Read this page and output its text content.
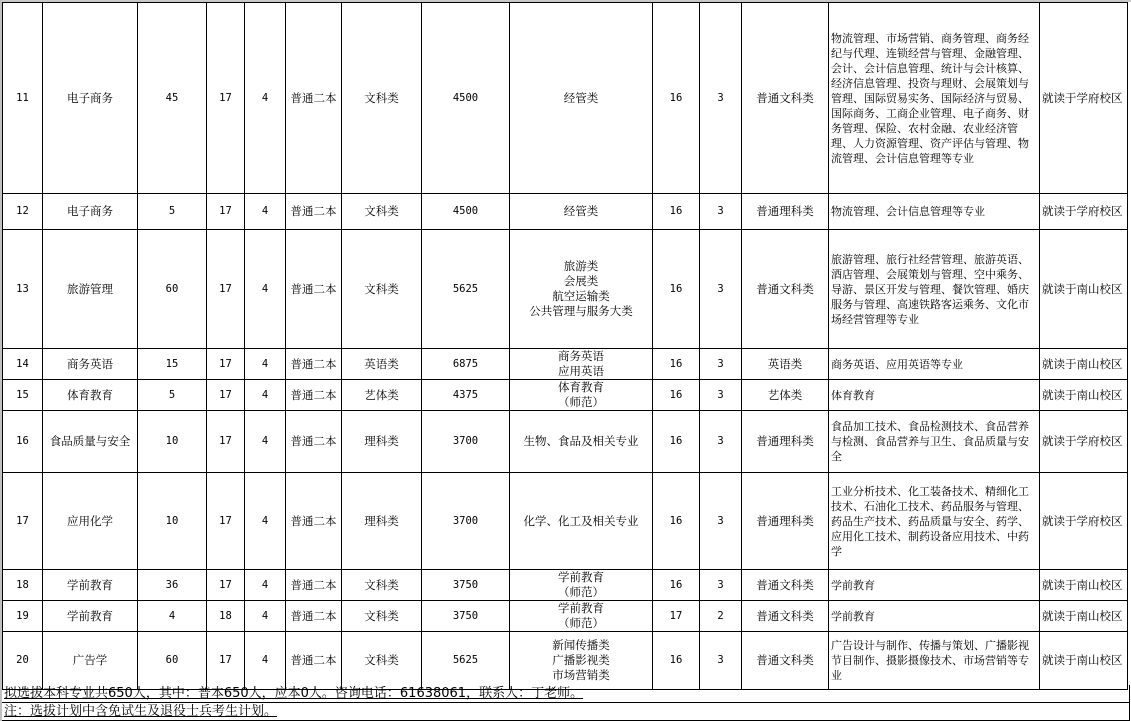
11	电子商务	45	17	4	普通二本	文科类	4500	经管类	16	3	普通文科类	物流管理、市场营销、商务管理、商务经纪与代理、连锁经营与管理、金融管理、会计、会计信息管理、统计与会计核算、经济信息管理、投资与理财、会展策划与管理、国际贸易实务、国际经济与贸易、国际商务、工商企业管理、电子商务、财务管理、保险、农村金融、农业经济管理、人力资源管理、资产评估与管理、物流管理、会计信息管理等专业	就读于学府校区
12	电子商务	5	17	4	普通二本	文科类	4500	经管类	16	3	普通理科类	物流管理、会计信息管理等专业	就读于学府校区
13	旅游管理	60	17	4	普通二本	文科类	5625	旅游类
会展类
航空运输类
公共管理与服务大类	16	3	普通文科类	旅游管理、旅行社经营管理、旅游英语、酒店管理、会展策划与管理、空中乘务、导游、景区开发与管理、餐饮管理、婚庆服务与管理、高速铁路客运乘务、文化市场经营管理等专业	就读于南山校区
14	商务英语	15	17	4	普通二本	英语类	6875	商务英语
应用英语	16	3	英语类	商务英语、应用英语等专业	就读于南山校区
15	体育教育	5	17	4	普通二本	艺体类	4375	体育教育
（师范）	16	3	艺体类	体育教育	就读于南山校区
16	食品质量与安全	10	17	4	普通二本	理科类	3700	生物、食品及相关专业	16	3	普通理科类	食品加工技术、食品检测技术、食品营养与检测、食品营养与卫生、食品质量与安全	就读于学府校区
17	应用化学	10	17	4	普通二本	理科类	3700	化学、化工及相关专业	16	3	普通理科类	工业分析技术、化工装备技术、精细化工技术、石油化工技术、药品服务与管理、药品生产技术、药品质量与安全、药学、应用化工技术、制药设备应用技术、中药学	就读于学府校区
18	学前教育	36	17	4	普通二本	文科类	3750	学前教育
（师范）	16	3	普通文科类	学前教育	就读于南山校区
19	学前教育	4	18	4	普通二本	文科类	3750	学前教育
（师范）	17	2	普通文科类	学前教育	就读于南山校区
20	广告学	60	17	4	普通二本	文科类	5625	新闻传播类
广播影视类
市场营销类	16	3	普通文科类	广告设计与制作、传播与策划、广播影视节目制作、摄影摄像技术、市场营销等专业	就读于南山校区
拟选拔本科专业共650人，其中：普本650人，应本0人。咨询电话：61638061，联系人：丁老师。
注：选拔计划中含免试生及退役士兵考生计划。
